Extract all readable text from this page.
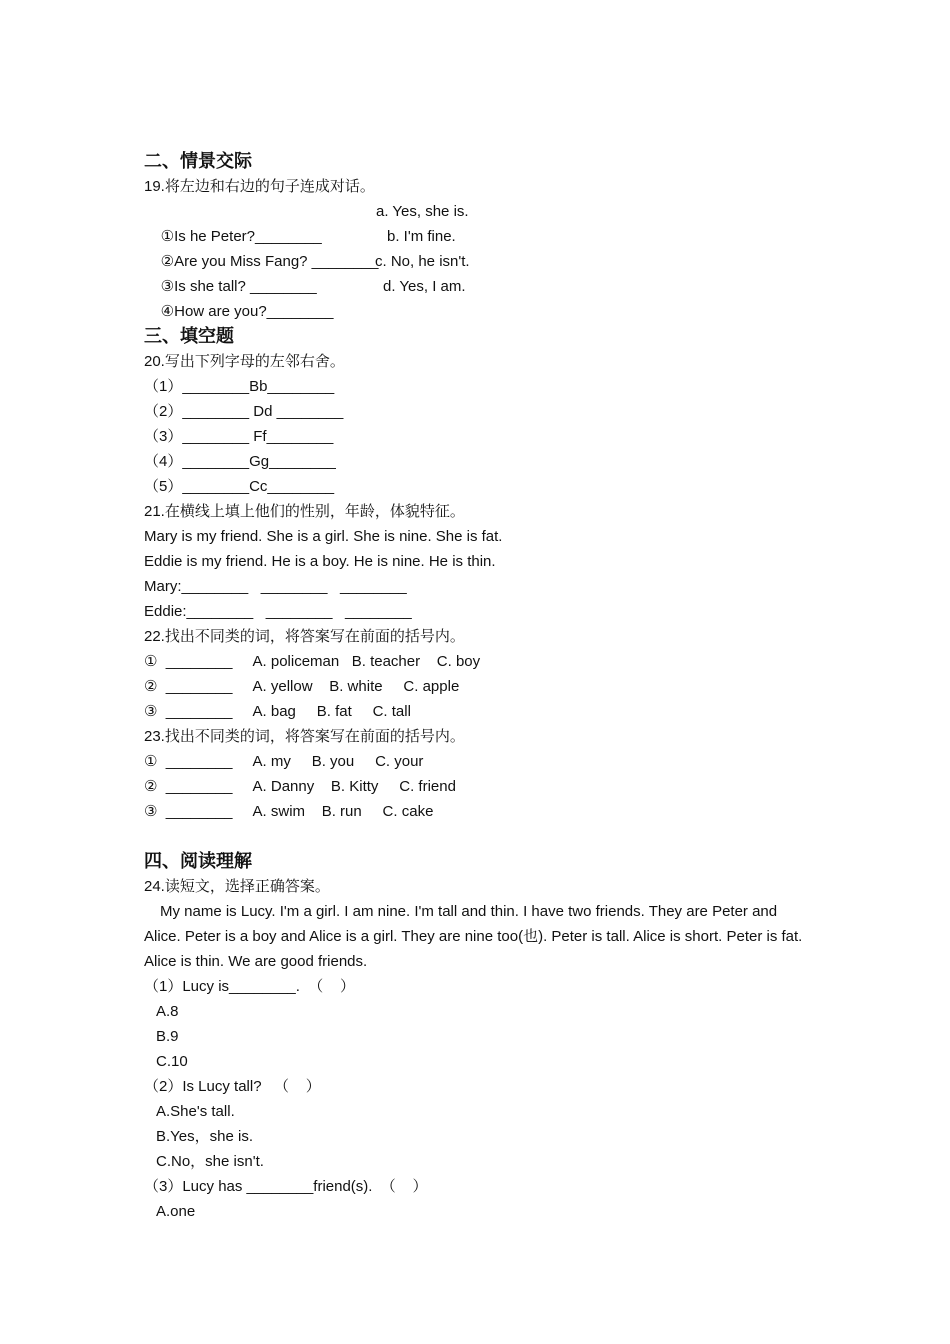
二、情景交际
19.将左边和右边的句子连成对话。

①Is he Peter?________

a. Yes, she is.

②Are you Miss Fang? ________

b. I'm fine.

③Is she tall? ________

c. No, he isn't.

④How are you?________

d. Yes, I am.

三、填空题
20.写出下列字母的左邻右舍。
（1）________Bb________
（2）________ Dd ________
（3）________ Ff________
（4）________Gg________
（5）________Cc________
21.在横线上填上他们的性别，年龄，体貌特征。
Mary is my friend. She is a girl. She is nine. She is fat.
Eddie is my friend. He is a boy. He is nine. He is thin.
Mary:________   ________   ________
Eddie:________   ________   ________
22.找出不同类的词，将答案写在前面的括号内。
①  ________     A. policeman   B. teacher    C. boy
②  ________     A. yellow    B. white     C. apple
③  ________     A. bag     B. fat     C. tall
23.找出不同类的词，将答案写在前面的括号内。
①  ________     A. my     B. you     C. your
②  ________     A. Danny    B. Kitty     C. friend
③  ________     A. swim    B. run     C. cake
四、阅读理解
24.读短文，选择正确答案。
My name is Lucy. I'm a girl. I am nine. I'm tall and thin. I have two friends. They are Peter and Alice. Peter is a boy and Alice is a girl. They are nine too(也). Peter is tall. Alice is short. Peter is fat. Alice is thin. We are good friends.
（1）Lucy is________.  （    ）
A.8
B.9
C.10
（2）Is Lucy tall?   （    ）
A.She's tall.
B.Yes，she is.
C.No，she isn't.
（3）Lucy has ________friend(s).  （    ）
A.one
